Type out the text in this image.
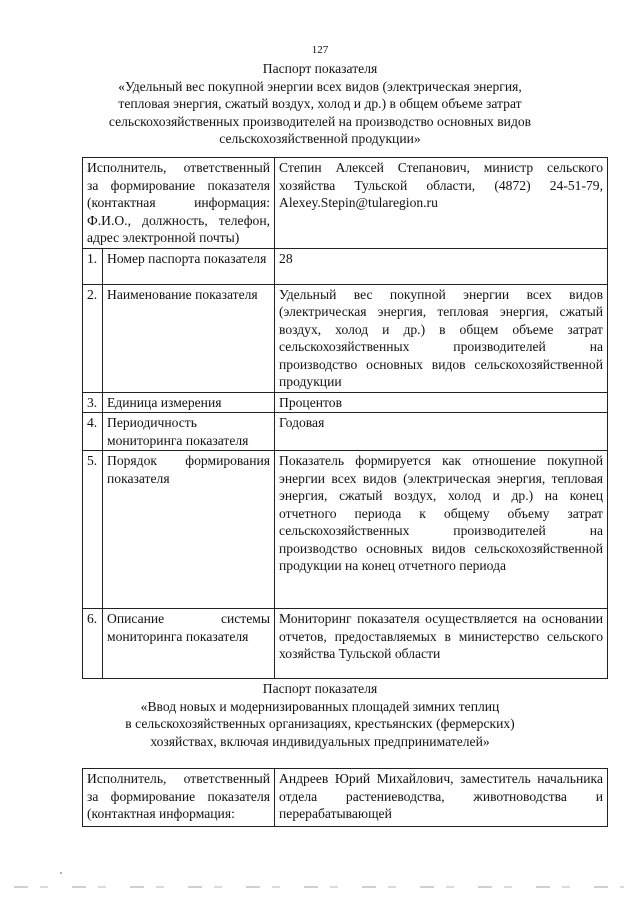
127
Паспорт показателя
«Удельный вес покупной энергии всех видов (электрическая энергия,
тепловая энергия, сжатый воздух, холод и др.) в общем объеме затрат
сельскохозяйственных производителей на производство основных видов
сельскохозяйственной продукции»
Исполнитель, ответственный за формирование показателя (контактная информация: Ф.И.О., должность, телефон, адрес электронной почты)		Степин Алексей Степанович, министр сельского хозяйства Тульской области, (4872) 24-51-79, Alexey.Stepin@tularegion.ru
1.	Номер паспорта показателя	28
2.	Наименование показателя	Удельный вес покупной энергии всех видов (электрическая энергия, тепловая энергия, сжатый воздух, холод и др.) в общем объеме затрат сельскохозяйственных производителей на производство основных видов сельскохозяйственной продукции
3.	Единица измерения	Процентов
4.	Периодичность мониторинга показателя	Годовая
5.	Порядок формирования показателя	Показатель формируется как отношение покупной энергии всех видов (электрическая энергия, тепловая энергия, сжатый воздух, холод и др.) на конец отчетного периода к общему объему затрат сельскохозяйственных производителей на производство основных видов сельскохозяйственной продукции на конец отчетного периода
6.	Описание системы мониторинга показателя	Мониторинг показателя осуществляется на основании отчетов, предоставляемых в министерство сельского хозяйства Тульской области
Паспорт показателя
«Ввод новых и модернизированных площадей зимних теплиц
в сельскохозяйственных организациях, крестьянских (фермерских)
хозяйствах, включая индивидуальных предпринимателей»
Исполнитель, ответственный за формирование показателя (контактная информация:	Андреев Юрий Михайлович, заместитель начальника отдела растениеводства, животноводства и перерабатывающей
